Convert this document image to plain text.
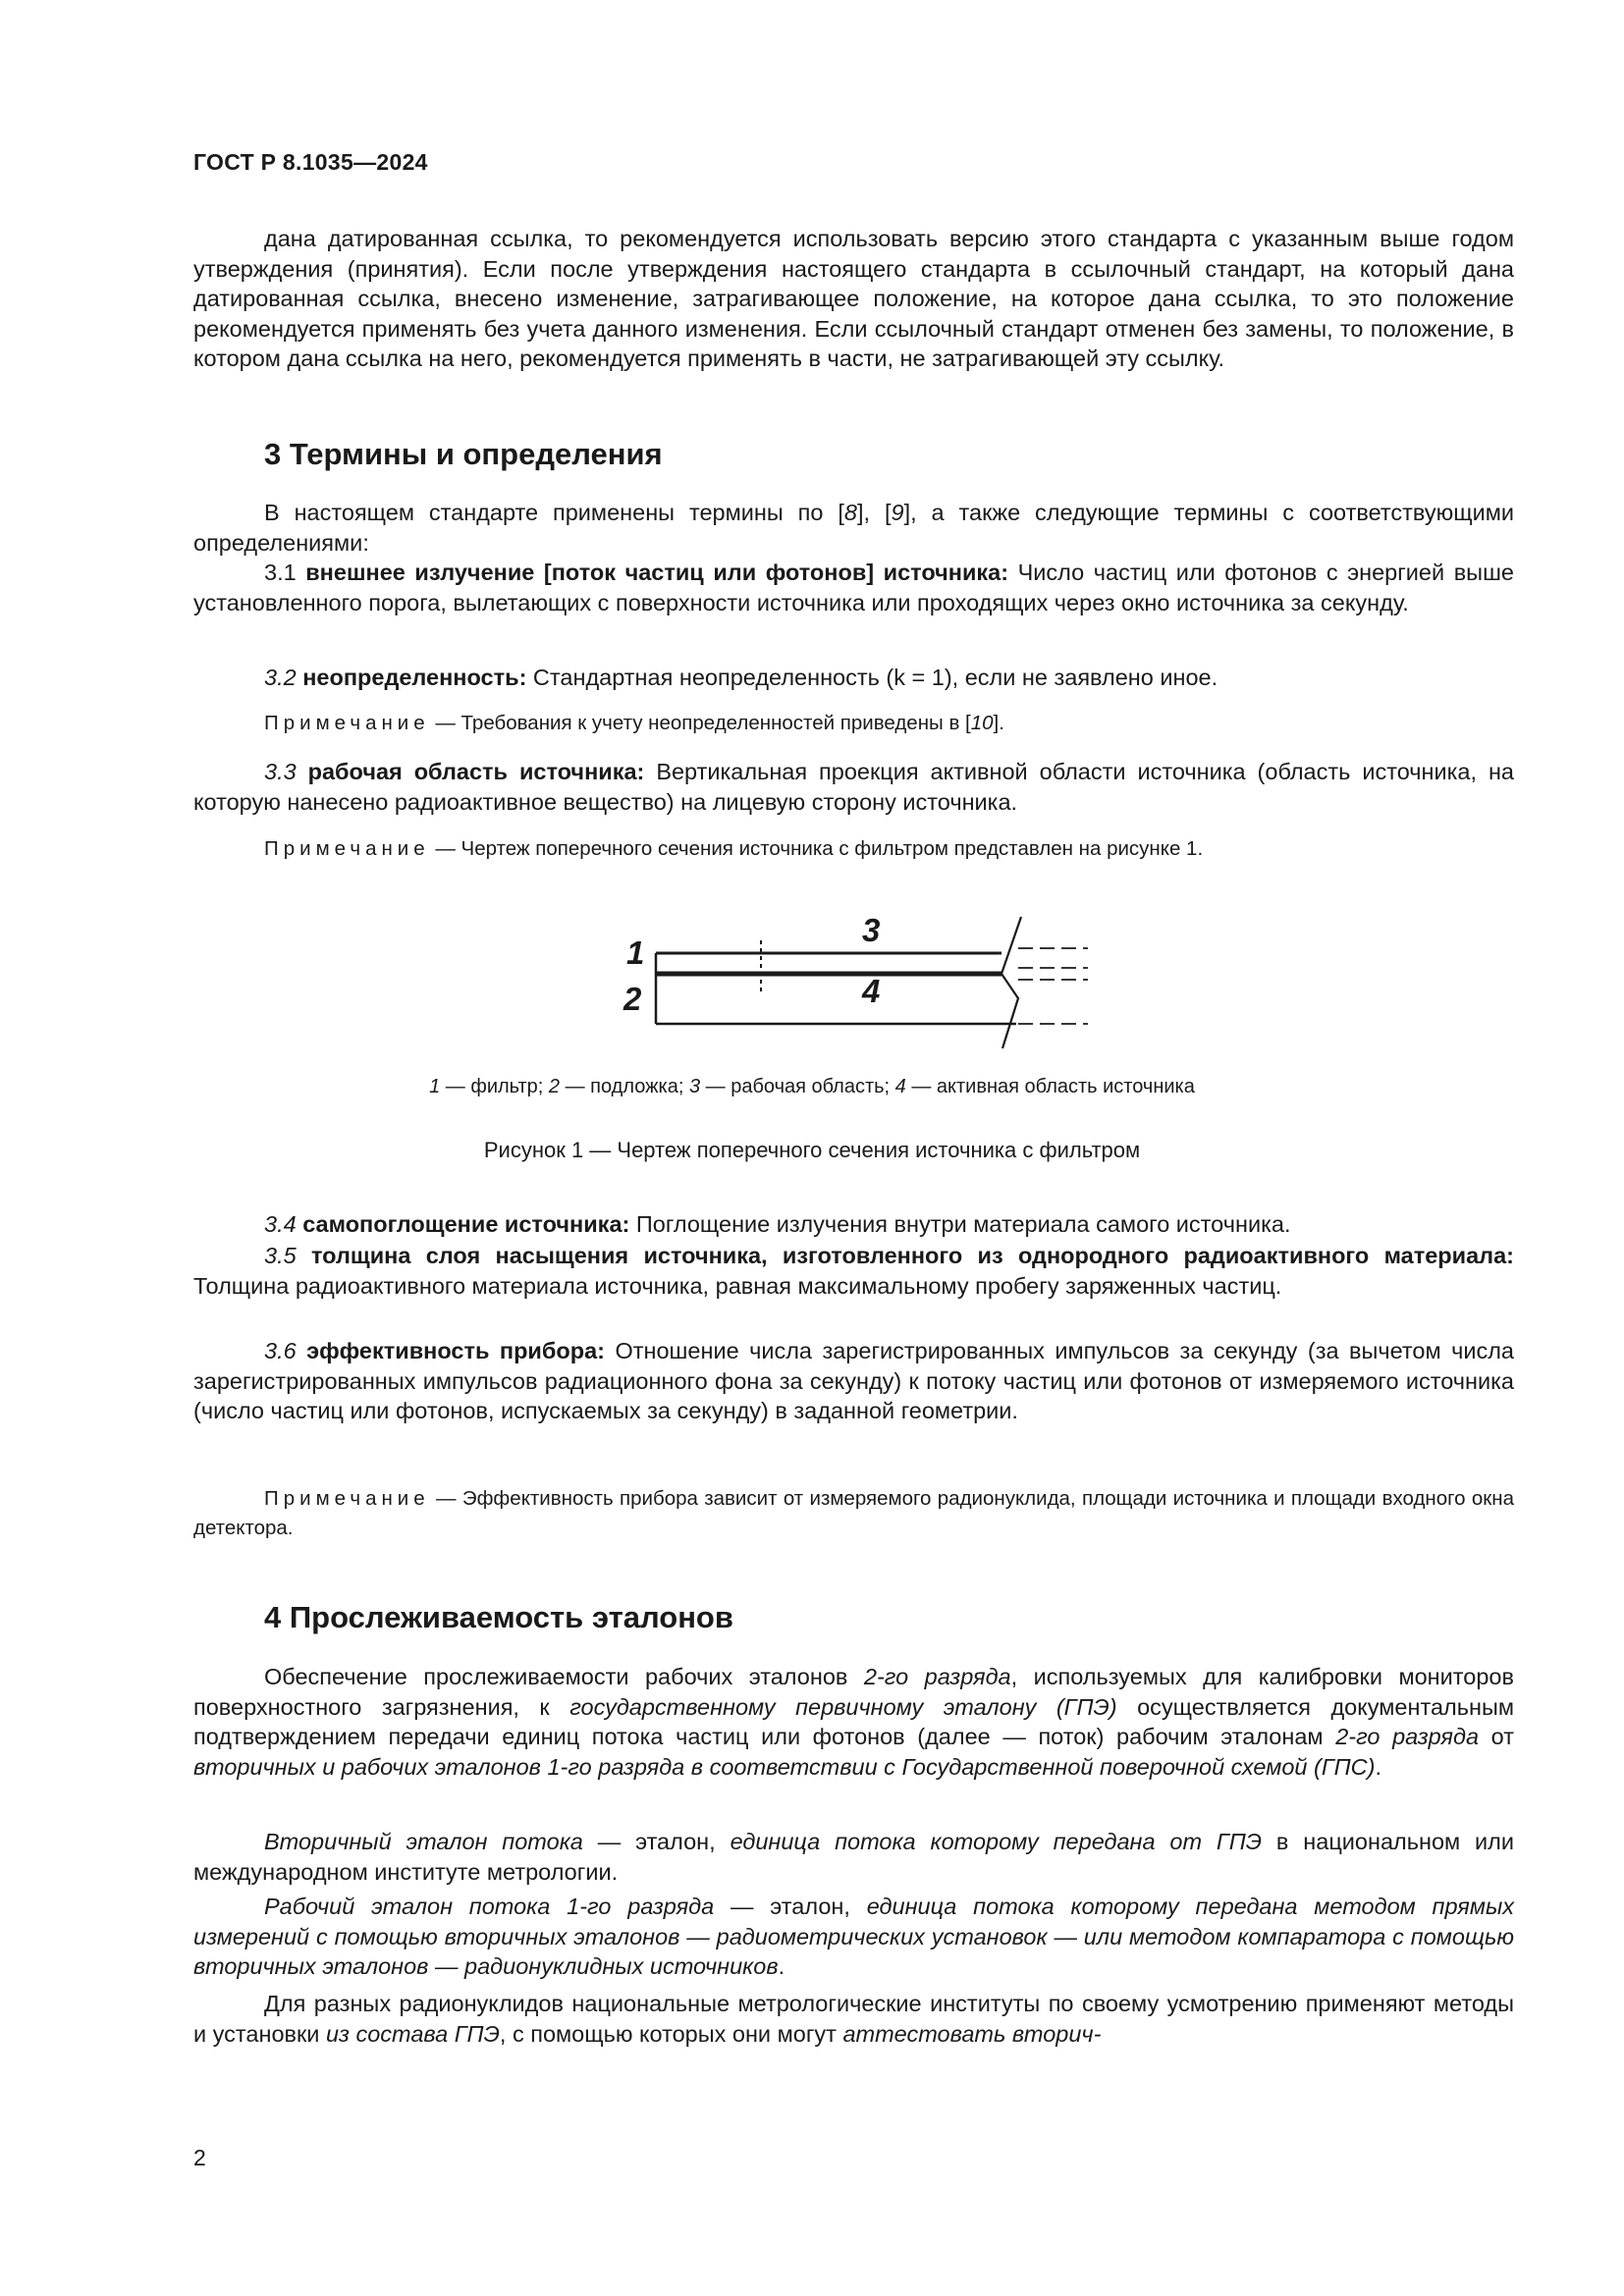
ГОСТ Р 8.1035—2024
дана датированная ссылка, то рекомендуется использовать версию этого стандарта с указанным выше годом утверждения (принятия). Если после утверждения настоящего стандарта в ссылочный стандарт, на который дана датированная ссылка, внесено изменение, затрагивающее положение, на которое дана ссылка, то это положение рекомендуется применять без учета данного изменения. Если ссылочный стандарт отменен без замены, то положение, в котором дана ссылка на него, рекомендуется применять в части, не затрагивающей эту ссылку.
3 Термины и определения
В настоящем стандарте применены термины по [8], [9], а также следующие термины с соответствующими определениями:
3.1 внешнее излучение [поток частиц или фотонов] источника: Число частиц или фотонов с энергией выше установленного порога, вылетающих с поверхности источника или проходящих через окно источника за секунду.
3.2 неопределенность: Стандартная неопределенность (k = 1), если не заявлено иное.
Примечание — Требования к учету неопределенностей приведены в [10].
3.3 рабочая область источника: Вертикальная проекция активной области источника (область источника, на которую нанесено радиоактивное вещество) на лицевую сторону источника.
Примечание — Чертеж поперечного сечения источника с фильтром представлен на рисунке 1.
1
2
3
4
1 — фильтр; 2 — подложка; 3 — рабочая область; 4 — активная область источника
Рисунок 1 — Чертеж поперечного сечения источника с фильтром
3.4 самопоглощение источника: Поглощение излучения внутри материала самого источника.
3.5 толщина слоя насыщения источника, изготовленного из однородного радиоактивного материала: Толщина радиоактивного материала источника, равная максимальному пробегу заряженных частиц.
3.6 эффективность прибора: Отношение числа зарегистрированных импульсов за секунду (за вычетом числа зарегистрированных импульсов радиационного фона за секунду) к потоку частиц или фотонов от измеряемого источника (число частиц или фотонов, испускаемых за секунду) в заданной геометрии.
Примечание — Эффективность прибора зависит от измеряемого радионуклида, площади источника и площади входного окна детектора.
4 Прослеживаемость эталонов
Обеспечение прослеживаемости рабочих эталонов 2-го разряда, используемых для калибровки мониторов поверхностного загрязнения, к государственному первичному эталону (ГПЭ) осуществляется документальным подтверждением передачи единиц потока частиц или фотонов (далее — поток) рабочим эталонам 2-го разряда от вторичных и рабочих эталонов 1-го разряда в соответствии с Государственной поверочной схемой (ГПС).
Вторичный эталон потока — эталон, единица потока которому передана от ГПЭ в национальном или международном институте метрологии.
Рабочий эталон потока 1-го разряда — эталон, единица потока которому передана методом прямых измерений с помощью вторичных эталонов — радиометрических установок — или методом компаратора с помощью вторичных эталонов — радионуклидных источников.
Для разных радионуклидов национальные метрологические институты по своему усмотрению применяют методы и установки из состава ГПЭ, с помощью которых они могут аттестовать вторич-
2
